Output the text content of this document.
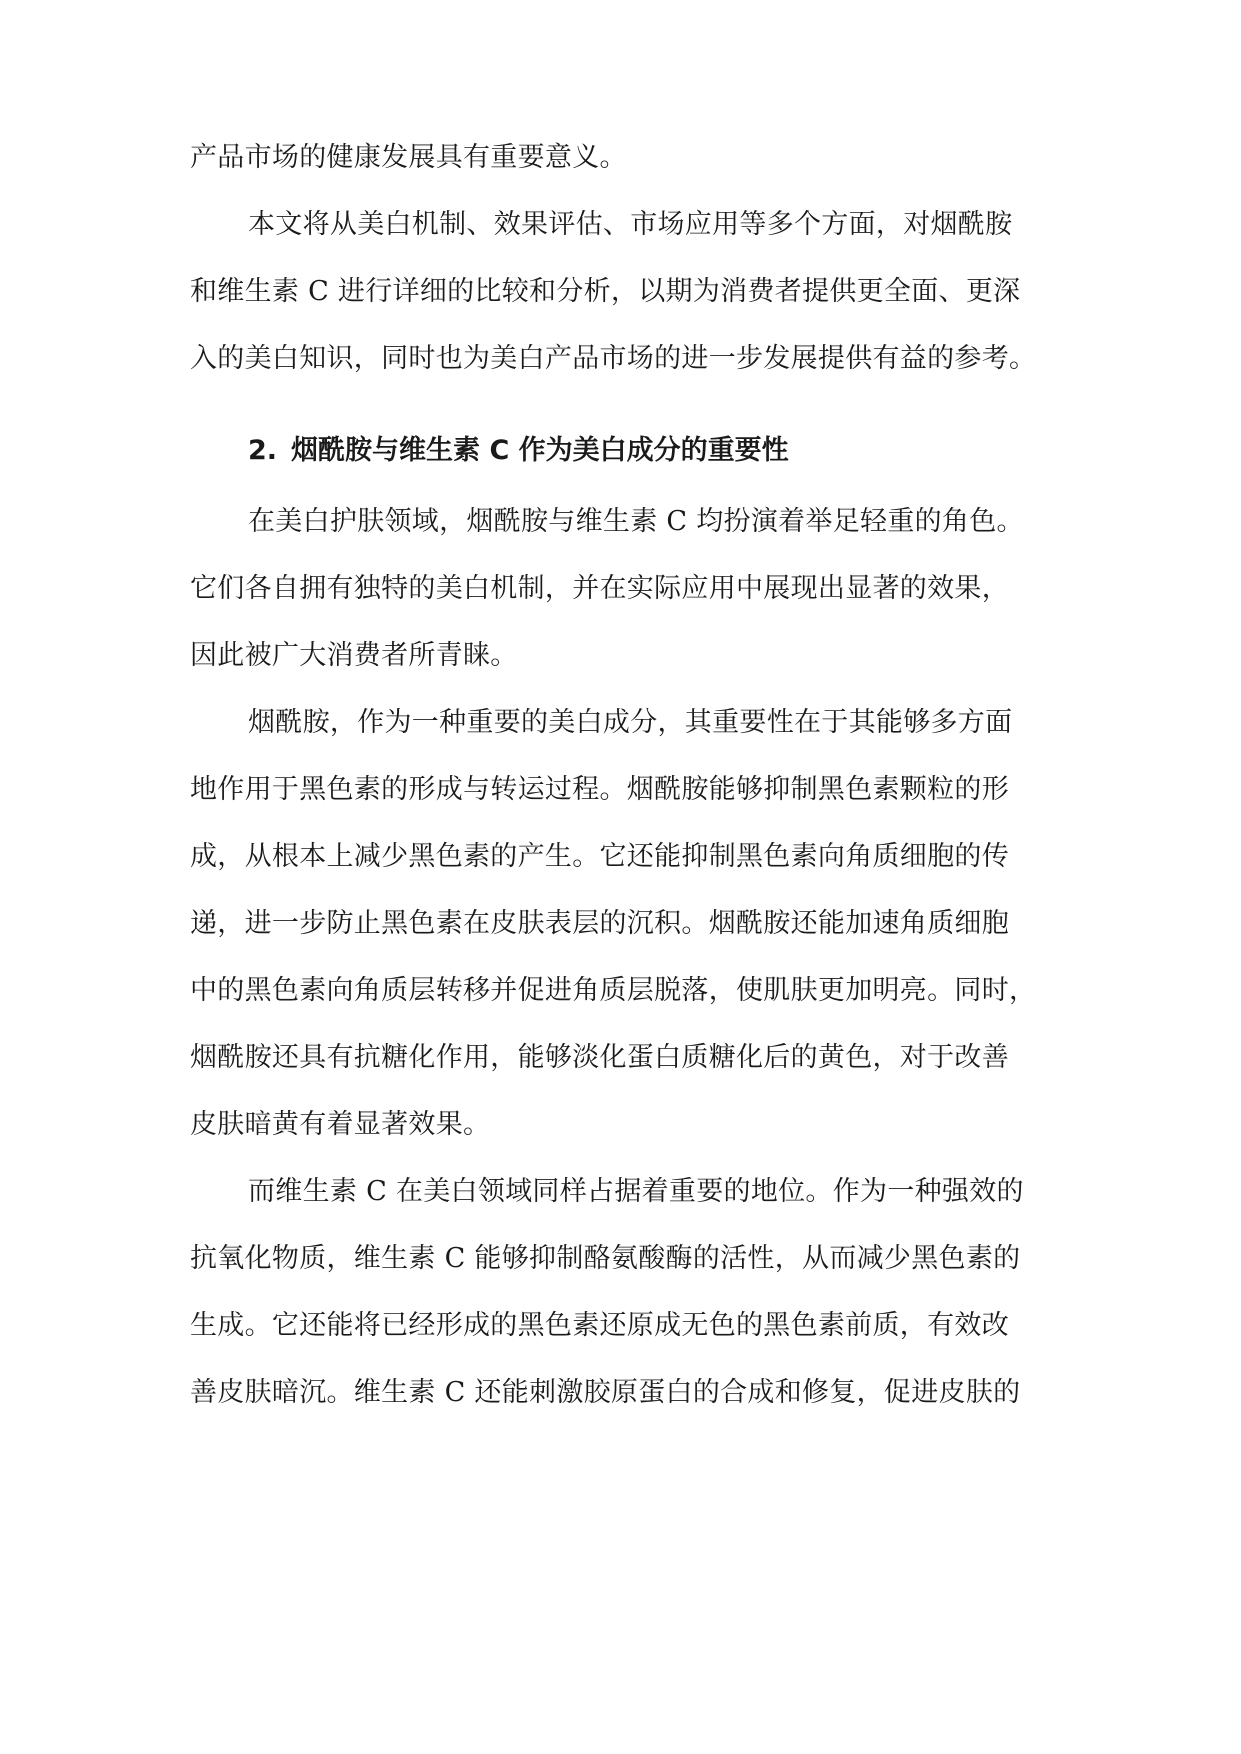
产品市场的健康发展具有重要意义。
本文将从美白机制、效果评估、市场应用等多个方面，对烟酰胺
和维生素 C 进行详细的比较和分析，以期为消费者提供更全面、更深
入的美白知识，同时也为美白产品市场的进一步发展提供有益的参考。
2. 烟酰胺与维生素 C 作为美白成分的重要性
在美白护肤领域，烟酰胺与维生素 C 均扮演着举足轻重的角色。
它们各自拥有独特的美白机制，并在实际应用中展现出显著的效果，
因此被广大消费者所青睐。
烟酰胺，作为一种重要的美白成分，其重要性在于其能够多方面
地作用于黑色素的形成与转运过程。烟酰胺能够抑制黑色素颗粒的形
成，从根本上减少黑色素的产生。它还能抑制黑色素向角质细胞的传
递，进一步防止黑色素在皮肤表层的沉积。烟酰胺还能加速角质细胞
中的黑色素向角质层转移并促进角质层脱落，使肌肤更加明亮。同时，
烟酰胺还具有抗糖化作用，能够淡化蛋白质糖化后的黄色，对于改善
皮肤暗黄有着显著效果。
而维生素 C 在美白领域同样占据着重要的地位。作为一种强效的
抗氧化物质，维生素 C 能够抑制酪氨酸酶的活性，从而减少黑色素的
生成。它还能将已经形成的黑色素还原成无色的黑色素前质，有效改
善皮肤暗沉。维生素 C 还能刺激胶原蛋白的合成和修复，促进皮肤的
